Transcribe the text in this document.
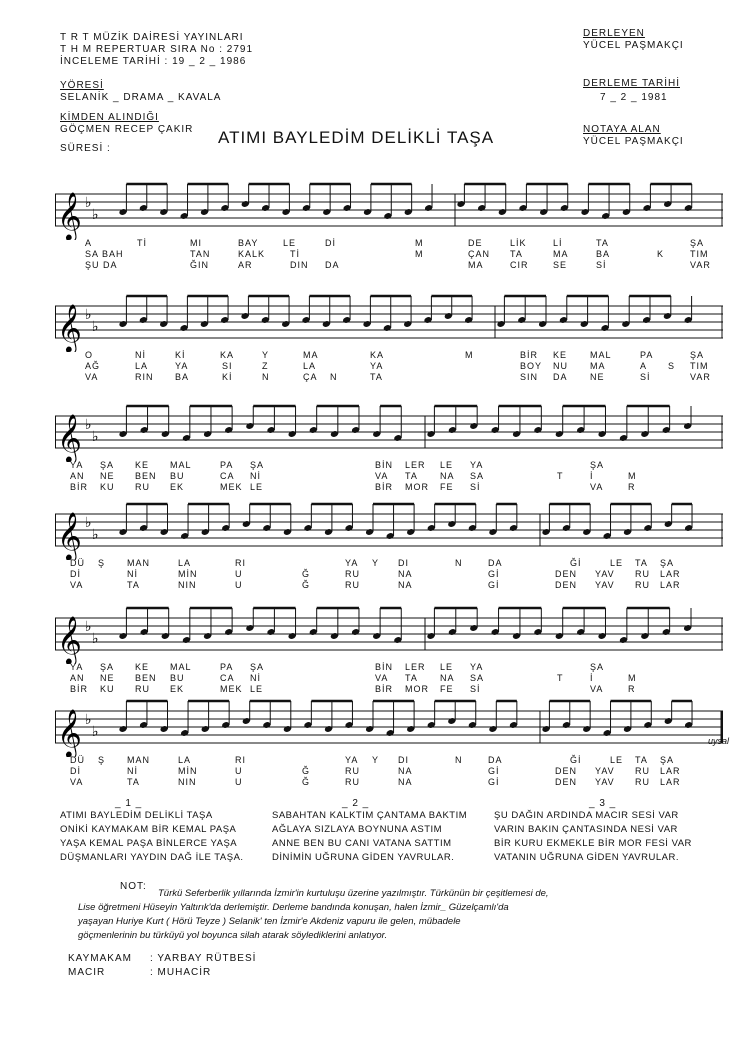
T R T MÜZİK DAİRESİ YAYINLARI
T H M REPERTUAR SIRA No : 2791
İNCELEME TARİHİ : 19 _ 2 _ 1986
YÖRESİ
SELANİK _ DRAMA _ KAVALA
KİMDEN ALINDIĞI
GÖÇMEN RECEP ÇAKIR
SÜRESİ :
DERLEYEN
YÜCEL PAŞMAKÇI
DERLEME TARİHİ
7 _ 2 _ 1981
NOTAYA ALAN
YÜCEL PAŞMAKÇI
ATIMI BAYLEDİM DELİKLİ TAŞA
𝄞 ♭
♭
A	Tİ	MI	BAY	LE	Dİ	M	DE	LİK	Lİ	TA	ŞA
SA BAH	TAN	KALK	Tİ	M	ÇAN TA	MA	BA	K	TIM
ŞU DA	ĞIN	AR	DIN DA	MA	CIR	SE	Sİ	VAR
𝄞 ♭
♭
O	Nİ	Kİ	KA	Y	MA	KA	M	BİR KE	MAL	PA	ŞA
AĞ	LA	YA	SI	Z	LA	YA	BOY NU MA	A S TIM
VA	RIN BA	Kİ	N	ÇA N	TA	SIN DA NE	Sİ	VAR
𝄞 ♭
♭
YA ŞA KE MAL	PA ŞA	BİN LER LE YA	ŞA
AN NE BEN BU	CA Nİ	VA TA NA SA	T	İ	M
BİR KU RU EK	MEK LE	BİR MOR FE Sİ	VA	R
𝄞 ♭
♭
DÜ Ş MAN	LA	RI	YA Y DI	N	DA	Ğİ	LE TA ŞA
Dİ	Nİ	MİN	U	Ğ	RU	NA	Gİ	DEN YAV RU LAR
VA	TA	NIN	U	Ğ	RU	NA	Gİ	DEN YAV RU LAR
𝄞 ♭
♭
YA ŞA KE MAL	PA ŞA	BİN LER LE YA	ŞA
AN NE BEN BU	CA Nİ	VA TA NA SA	T	İ	M
BİR KU RU EK	MEK LE	BİR MOR FE Sİ	VA	R
𝄞 ♭
♭
DÜ Ş MAN	LA	RI	YA Y DI	N	DA	Ğİ	LE TA ŞA
Dİ	Nİ	MİN	U	Ğ	RU	NA	Gİ	DEN YAV RU LAR
VA	TA	NIN	U	Ğ	RU	NA	Gİ	DEN YAV RU LAR
uysal
_ 1 _
ATIMI BAYLEDİM DELİKLİ TAŞA
ONİKİ KAYMAKAM BİR KEMAL PAŞA
YAŞA KEMAL PAŞA BİNLERCE YAŞA
DÜŞMANLARI YAYDIN DAĞ İLE TAŞA.
_ 2 _
SABAHTAN KALKTIM ÇANTAMA BAKTIM
AĞLAYA SIZLAYA BOYNUNA ASTIM
ANNE BEN BU CANI VATANA SATTIM
DİNİMİN UĞRUNA GİDEN YAVRULAR.
_ 3 _
ŞU DAĞIN ARDINDA MACIR SESİ VAR
VARIN BAKIN ÇANTASINDA NESİ VAR
BİR KURU EKMEKLE BİR MOR FESİ VAR
VATANIN UĞRUNA GİDEN YAVRULAR.
NOT:
Türkü Seferberlik yıllarında İzmir'in kurtuluşu üzerine yazılmıştır. Türkünün bir çeşitlemesi de,
Lise öğretmeni Hüseyin Yaltırık'da derlemiştir. Derleme bandında konuşan, halen İzmir_ Güzelçamlı'da
yaşayan Huriye Kurt ( Hörü Teyze ) Selanik' ten İzmir'e Akdeniz vapuru ile gelen, mübadele
göçmenlerinin bu türküyü yol boyunca silah atarak söylediklerini anlatıyor.
KAYMAKAM : YARBAY RÜTBESİ
MACIR	: MUHACİR
